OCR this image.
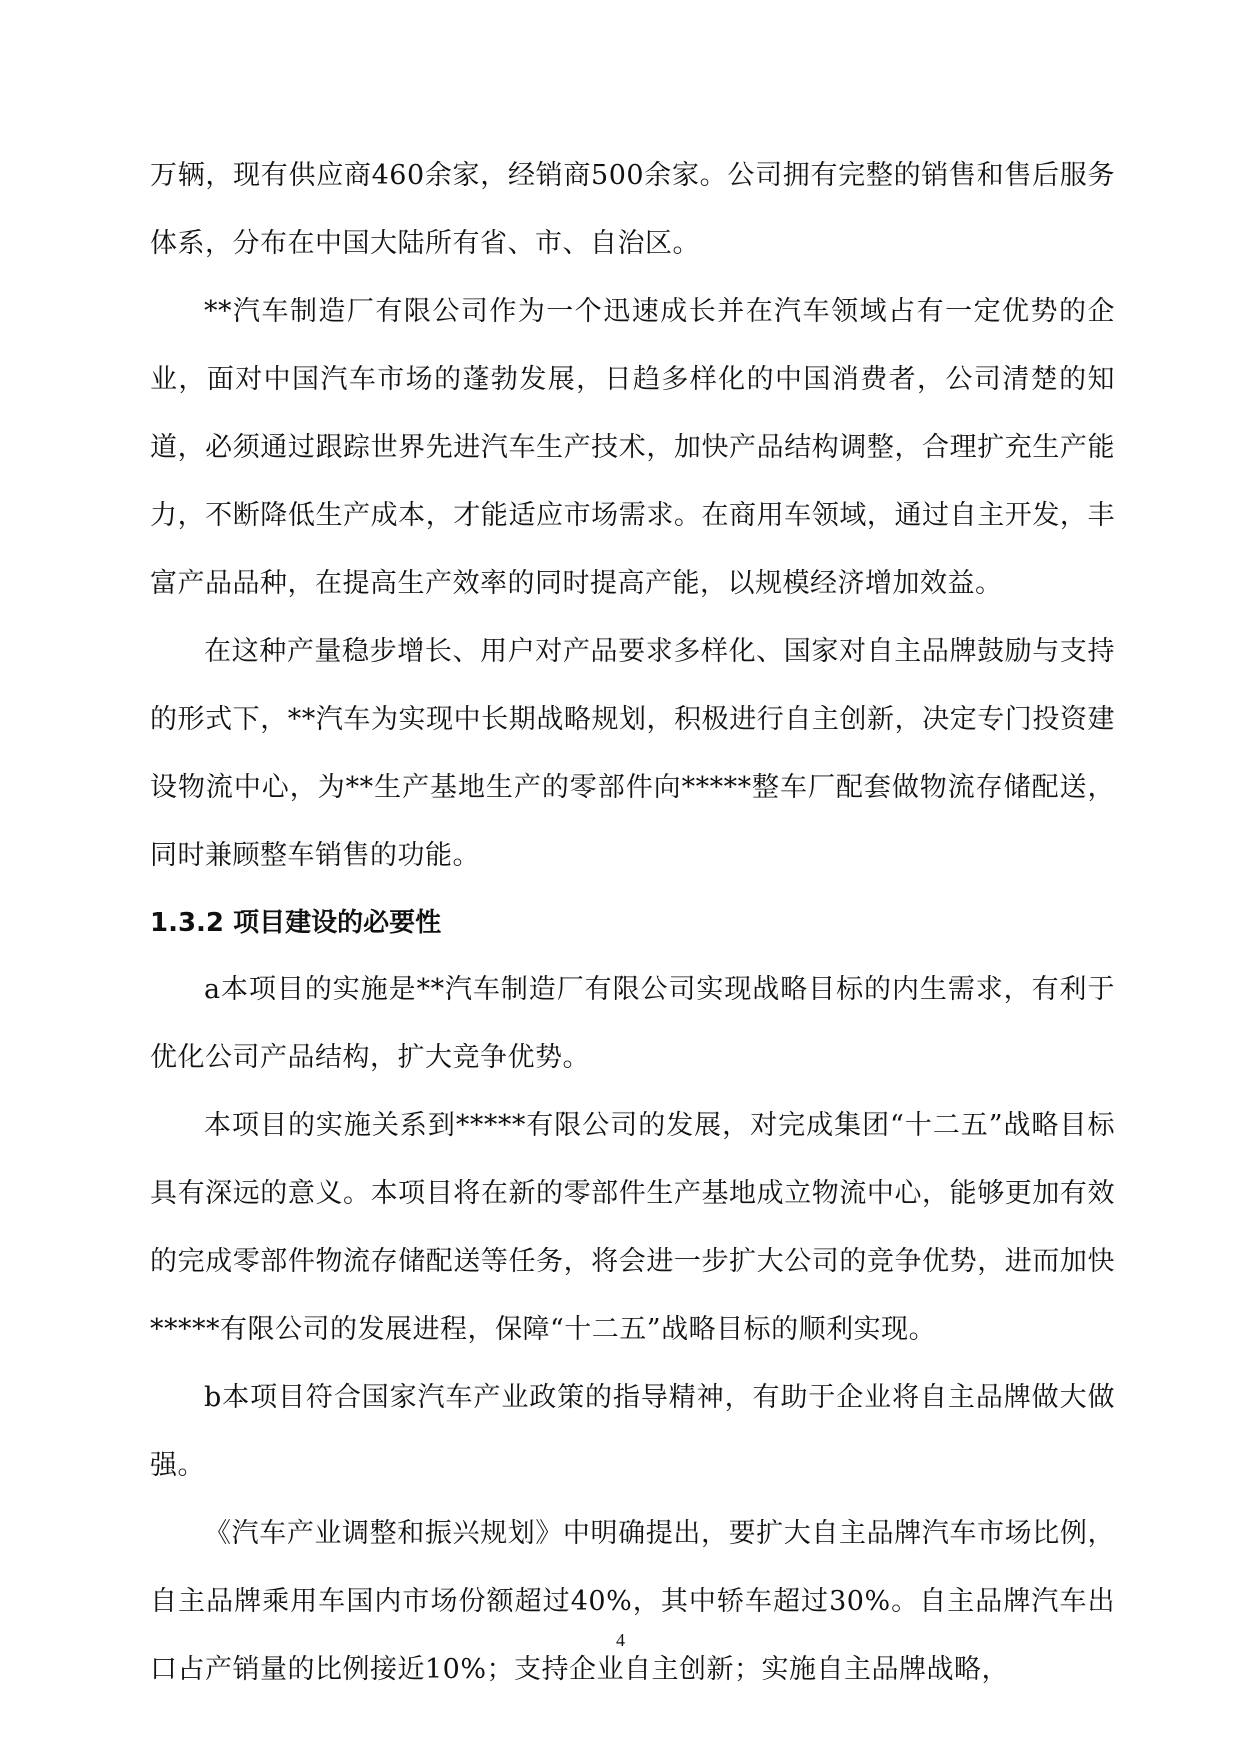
万辆，现有供应商460余家，经销商500余家。公司拥有完整的销售和售后服务体系，分布在中国大陆所有省、市、自治区。

**汽车制造厂有限公司作为一个迅速成长并在汽车领域占有一定优势的企业，面对中国汽车市场的蓬勃发展，日趋多样化的中国消费者，公司清楚的知道，必须通过跟踪世界先进汽车生产技术，加快产品结构调整，合理扩充生产能力，不断降低生产成本，才能适应市场需求。在商用车领域，通过自主开发，丰富产品品种，在提高生产效率的同时提高产能，以规模经济增加效益。

在这种产量稳步增长、用户对产品要求多样化、国家对自主品牌鼓励与支持的形式下，**汽车为实现中长期战略规划，积极进行自主创新，决定专门投资建设物流中心，为**生产基地生产的零部件向*****整车厂配套做物流存储配送，同时兼顾整车销售的功能。

1.3.2 项目建设的必要性

a本项目的实施是**汽车制造厂有限公司实现战略目标的内生需求，有利于优化公司产品结构，扩大竞争优势。

本项目的实施关系到*****有限公司的发展，对完成集团“十二五”战略目标具有深远的意义。本项目将在新的零部件生产基地成立物流中心，能够更加有效的完成零部件物流存储配送等任务，将会进一步扩大公司的竞争优势，进而加快*****有限公司的发展进程，保障“十二五”战略目标的顺利实现。

b本项目符合国家汽车产业政策的指导精神，有助于企业将自主品牌做大做强。

《汽车产业调整和振兴规划》中明确提出，要扩大自主品牌汽车市场比例，自主品牌乘用车国内市场份额超过40%，其中轿车超过30%。自主品牌汽车出口占产销量的比例接近10%；支持企业自主创新；实施自主品牌战略，

4
